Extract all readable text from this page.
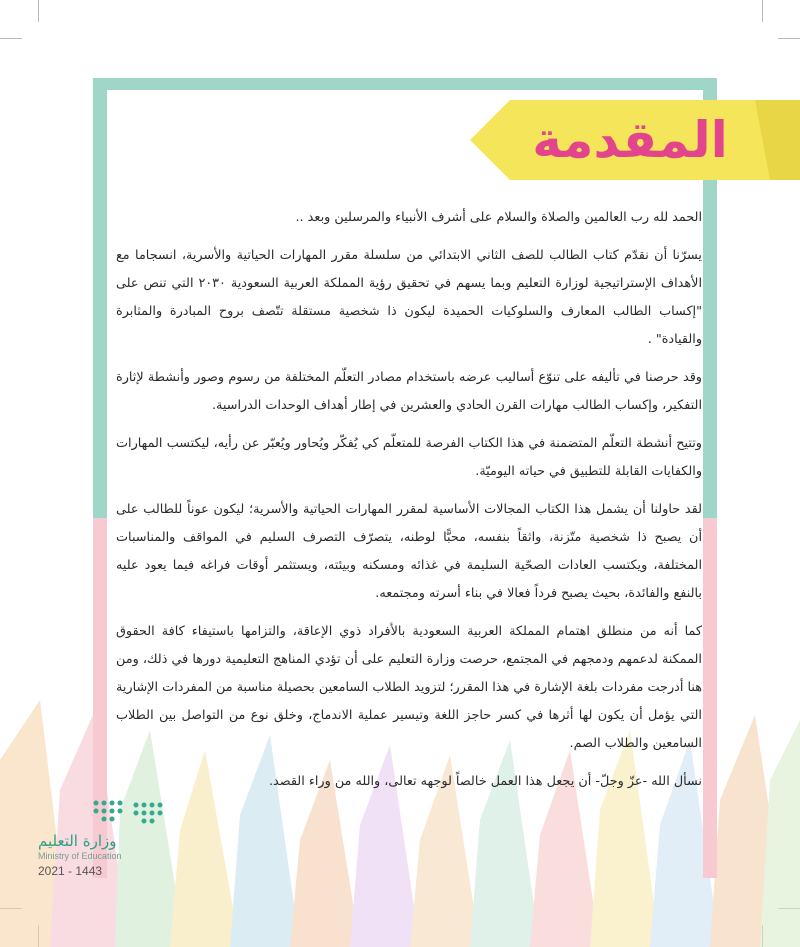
المقدمة

الحمد لله رب العالمين والصلاة والسلام على أشرف الأنبياء والمرسلين وبعد ..

يسرّنا أن نقدّم كتاب الطالب للصف الثاني الابتدائي من سلسلة مقرر المهارات الحياتية والأسرية، انسجاما مع الأهداف الإستراتيجية لوزارة التعليم وبما يسهم في تحقيق رؤية المملكة العربية السعودية ٢٠٣٠ التي تنص على "إكساب الطالب المعارف والسلوكيات الحميدة ليكون ذا شخصية مستقلة تتّصف بروح المبادرة والمثابرة والقيادة" .

وقد حرصنا في تأليفه على تنوّع أساليب عرضه باستخدام مصادر التعلّم المختلفة من رسوم وصور وأنشطة لإثارة التفكير، وإكساب الطالب مهارات القرن الحادي والعشرين في إطار أهداف الوحدات الدراسية.

وتتيح أنشطة التعلّم المتضمنة في هذا الكتاب الفرصة للمتعلّم كي يُفكّر ويُحاور ويُعبّر عن رأيه، ليكتسب المهارات والكفايات القابلة للتطبيق في حياته اليوميّة.

لقد حاولنا أن يشمل هذا الكتاب المجالات الأساسية لمقرر المهارات الحياتية والأسرية؛ ليكون عوناً للطالب على أن يصبح ذا شخصية متّزنة، واثقاً بنفسه، محبًّا لوطنه، يتصرّف التصرف السليم في المواقف والمناسبات المختلفة، ويكتسب العادات الصحّية السليمة في غذائه ومسكنه وبيئته، ويستثمر أوقات فراغه فيما يعود عليه بالنفع والفائدة، بحيث يصبح فرداً فعالا في بناء أسرته ومجتمعه.

كما أنه من منطلق اهتمام المملكة العربية السعودية بالأفراد ذوي الإعاقة، والتزامها باستيفاء كافة الحقوق الممكنة لدعمهم ودمجهم في المجتمع، حرصت وزارة التعليم على أن تؤدي المناهج التعليمية دورها في ذلك، ومن هنا أدرجت مفردات بلغة الإشارة في هذا المقرر؛ لتزويد الطلاب السامعين بحصيلة مناسبة من المفردات الإشارية التي يؤمل أن يكون لها أثرها في كسر حاجز اللغة وتيسير عملية الاندماج، وخلق نوع من التواصل بين الطلاب السامعين والطلاب الصم.

نسأل الله -عزّ وجلّ- أن يجعل هذا العمل خالصاً لوجهه تعالى، والله من وراء القصد.

وزارة التعليم
Ministry of Education
2021 - 1443
